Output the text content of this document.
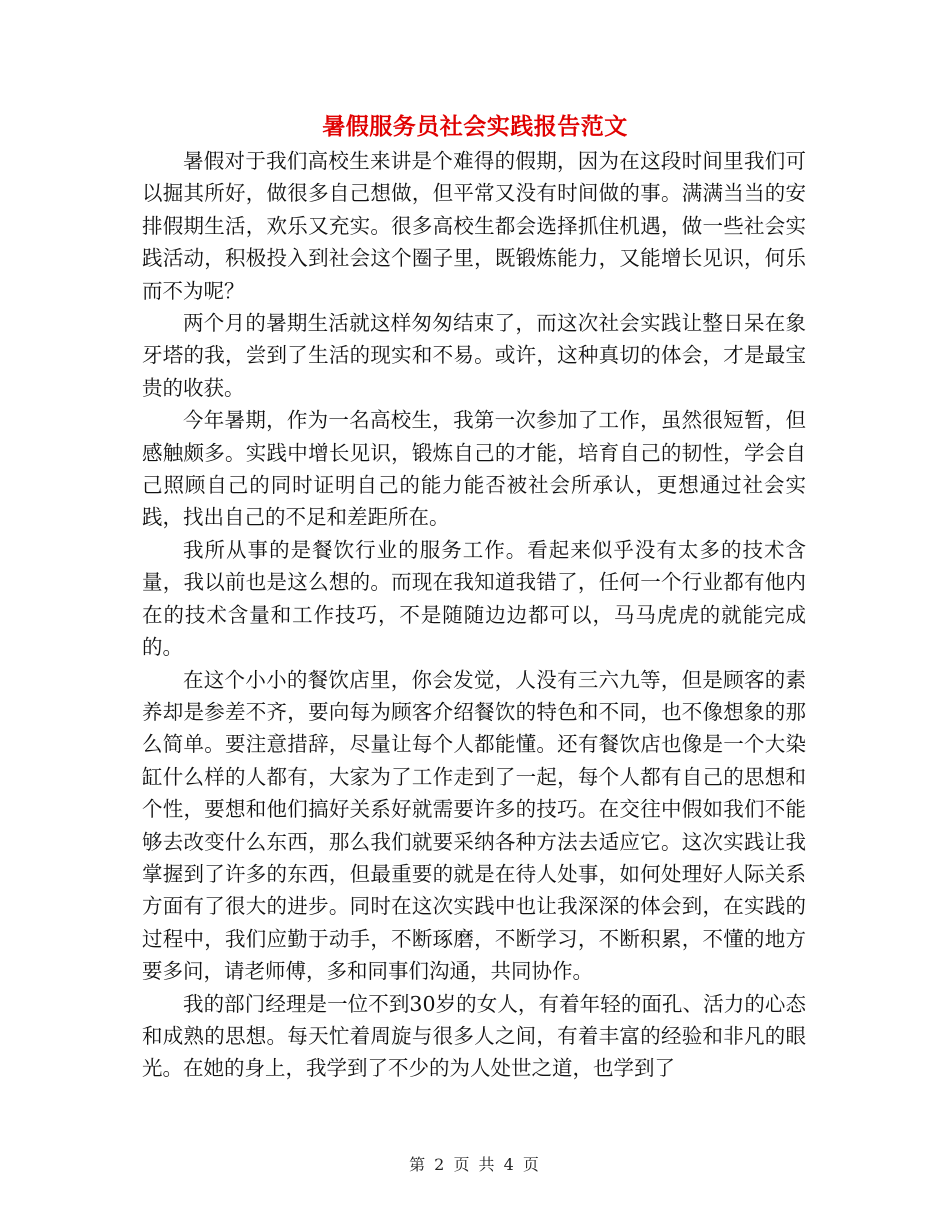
暑假服务员社会实践报告范文

暑假对于我们高校生来讲是个难得的假期，因为在这段时间里我们可以掘其所好，做很多自己想做，但平常又没有时间做的事。满满当当的安排假期生活，欢乐又充实。很多高校生都会选择抓住机遇，做一些社会实践活动，积极投入到社会这个圈子里，既锻炼能力，又能增长见识，何乐而不为呢？

两个月的暑期生活就这样匆匆结束了，而这次社会实践让整日呆在象牙塔的我，尝到了生活的现实和不易。或许，这种真切的体会，才是最宝贵的收获。

今年暑期，作为一名高校生，我第一次参加了工作，虽然很短暂，但感触颇多。实践中增长见识，锻炼自己的才能，培育自己的韧性，学会自己照顾自己的同时证明自己的能力能否被社会所承认，更想通过社会实践，找出自己的不足和差距所在。

我所从事的是餐饮行业的服务工作。看起来似乎没有太多的技术含量，我以前也是这么想的。而现在我知道我错了，任何一个行业都有他内在的技术含量和工作技巧，不是随随边边都可以，马马虎虎的就能完成的。

在这个小小的餐饮店里，你会发觉，人没有三六九等，但是顾客的素养却是参差不齐，要向每为顾客介绍餐饮的特色和不同，也不像想象的那么简单。要注意措辞，尽量让每个人都能懂。还有餐饮店也像是一个大染缸什么样的人都有，大家为了工作走到了一起，每个人都有自己的思想和个性，要想和他们搞好关系好就需要许多的技巧。在交往中假如我们不能够去改变什么东西，那么我们就要采纳各种方法去适应它。这次实践让我掌握到了许多的东西，但最重要的就是在待人处事，如何处理好人际关系方面有了很大的进步。同时在这次实践中也让我深深的体会到，在实践的过程中，我们应勤于动手，不断琢磨，不断学习，不断积累，不懂的地方要多问，请老师傅，多和同事们沟通，共同协作。

我的部门经理是一位不到30岁的女人，有着年轻的面孔、活力的心态和成熟的思想。每天忙着周旋与很多人之间，有着丰富的经验和非凡的眼光。在她的身上，我学到了不少的为人处世之道，也学到了

第 2 页 共 4 页
